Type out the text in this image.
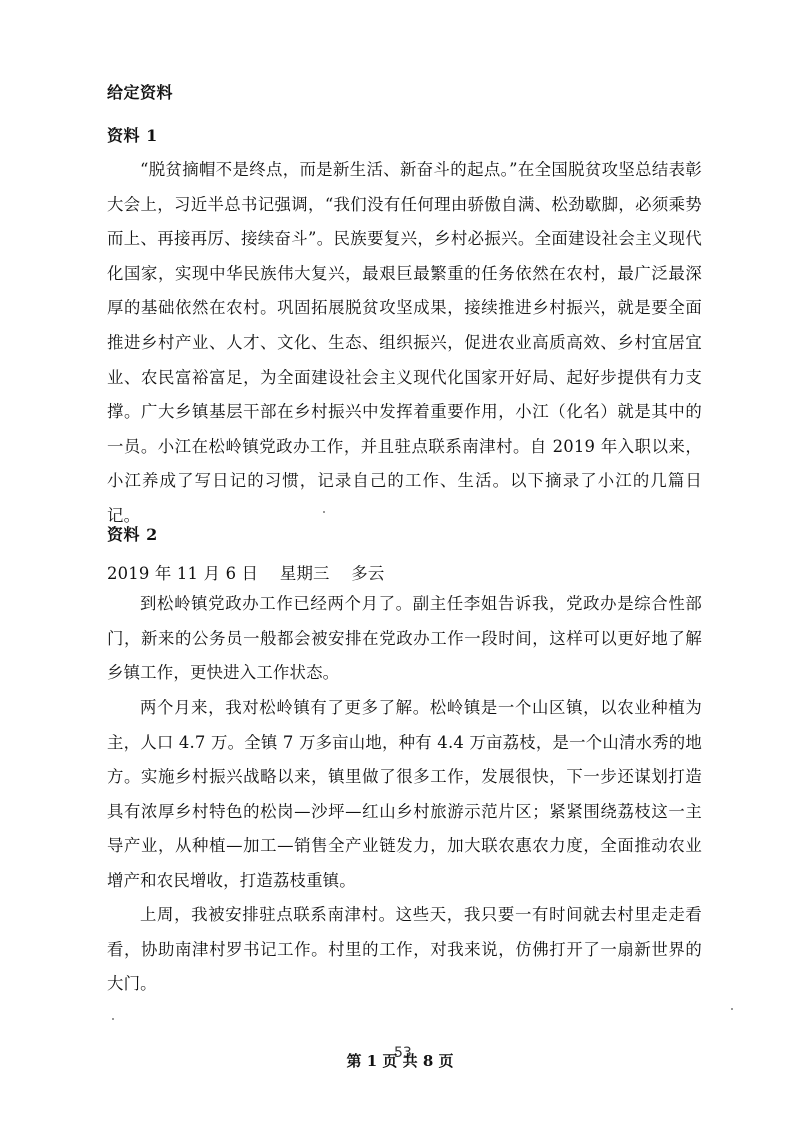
给定资料
资料 1
“脱贫摘帽不是终点，而是新生活、新奋斗的起点。”在全国脱贫攻坚总结表彰大会上，习近半总书记强调，“我们没有任何理由骄傲自满、松劲歇脚，必须乘势而上、再接再厉、接续奋斗”。民族要复兴，乡村必振兴。全面建设社会主义现代化国家，实现中华民族伟大复兴，最艰巨最繁重的任务依然在农村，最广泛最深厚的基础依然在农村。巩固拓展脱贫攻坚成果，接续推进乡村振兴，就是要全面推进乡村产业、人才、文化、生态、组织振兴，促进农业高质高效、乡村宜居宜业、农民富裕富足，为全面建设社会主义现代化国家开好局、起好步提供有力支撑。广大乡镇基层干部在乡村振兴中发挥着重要作用，小江（化名）就是其中的一员。小江在松岭镇党政办工作，并且驻点联系南津村。自 2019 年入职以来，小江养成了写日记的习惯，记录自己的工作、生活。以下摘录了小江的几篇日记。
资料 2
2019 年 11 月 6 日 星期三 多云
到松岭镇党政办工作已经两个月了。副主任李姐告诉我，党政办是综合性部门，新来的公务员一般都会被安排在党政办工作一段时间，这样可以更好地了解乡镇工作，更快进入工作状态。
两个月来，我对松岭镇有了更多了解。松岭镇是一个山区镇，以农业种植为主，人口 4.7 万。全镇 7 万多亩山地，种有 4.4 万亩荔枝，是一个山清水秀的地方。实施乡村振兴战略以来，镇里做了很多工作，发展很快，下一步还谋划打造具有浓厚乡村特色的松岗—沙坪—红山乡村旅游示范片区；紧紧围绕荔枝这一主导产业，从种植—加工—销售全产业链发力，加大联农惠农力度，全面推动农业增产和农民增收，打造荔枝重镇。
上周，我被安排驻点联系南津村。这些天，我只要一有时间就去村里走走看看，协助南津村罗书记工作。村里的工作，对我来说，仿佛打开了一扇新世界的大门。
53
第 1 页 共 8 页
